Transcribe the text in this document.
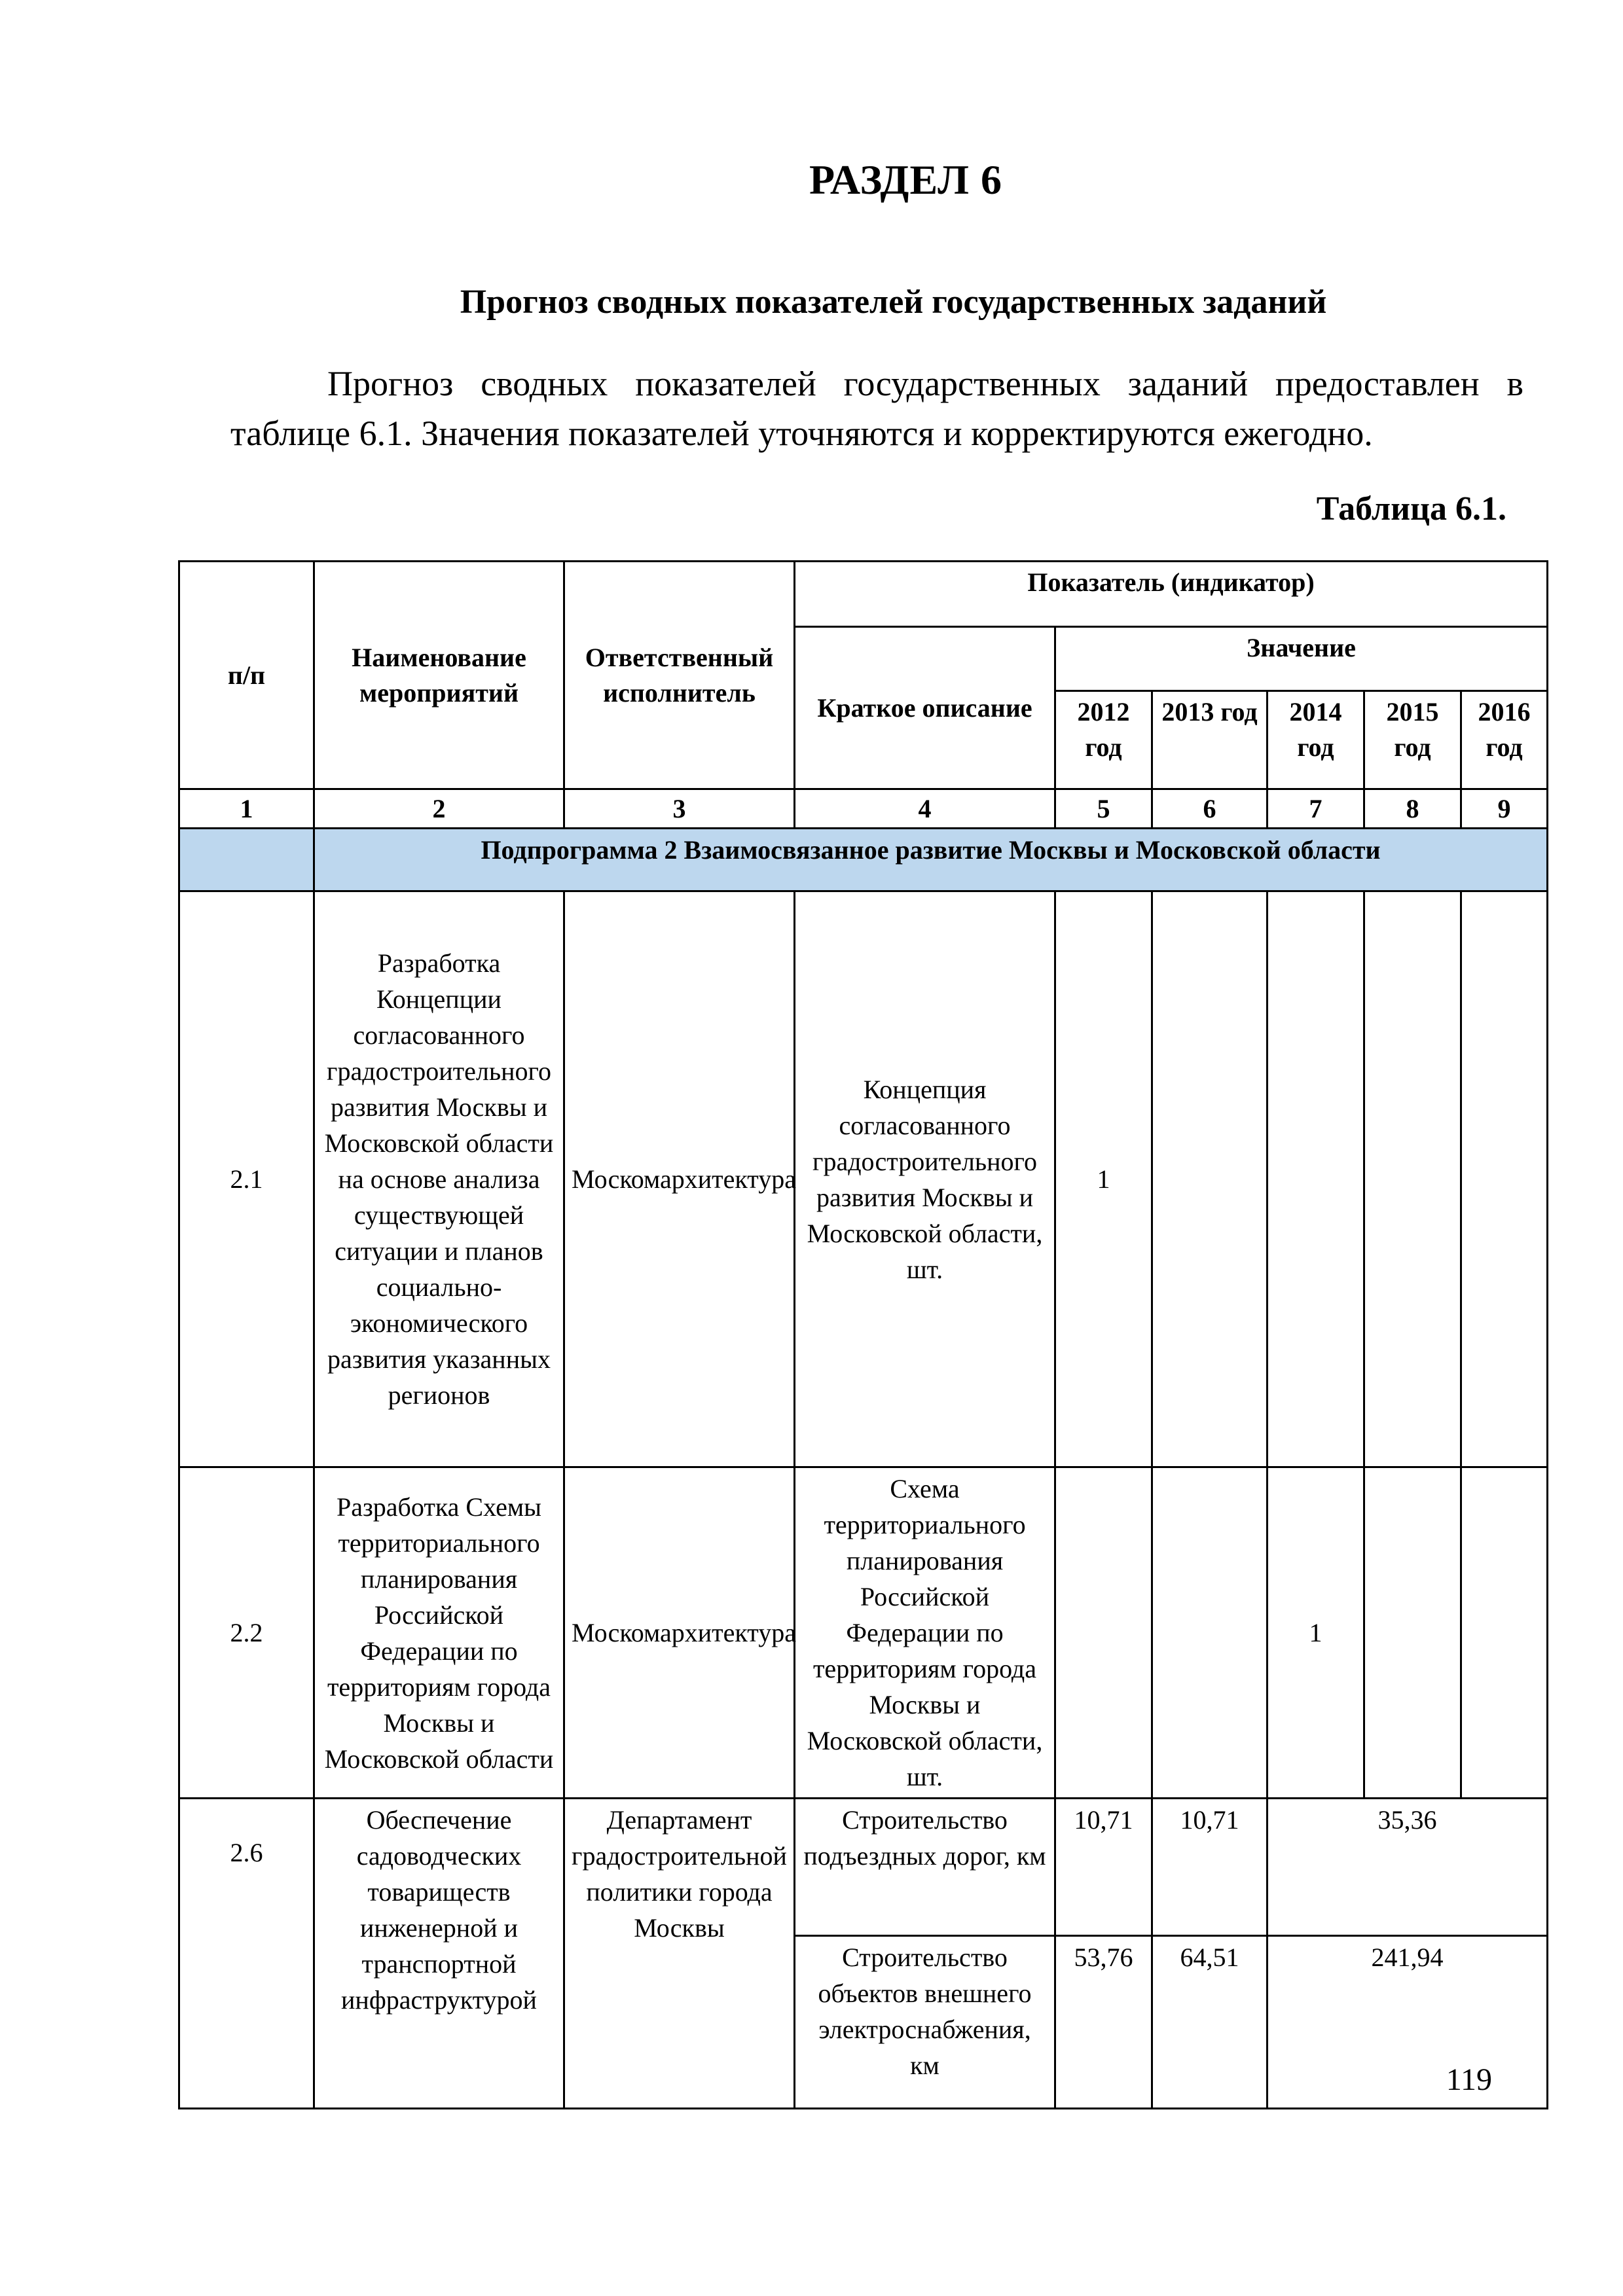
РАЗДЕЛ 6
Прогноз сводных показателей государственных заданий
Прогноз сводных показателей государственных заданий предоставлен в таблице 6.1. Значения показателей уточняются и корректируются ежегодно.
Таблица 6.1.
п/п	Наименование мероприятий	Ответственный исполнитель	Показатель (индикатор)					
			Краткое описание	Значение				
				2012 год	2013 год	2014 год	2015 год	2016 год
1	2	3	4	5	6	7	8	9
	Подпрограмма 2 Взаимосвязанное развитие Москвы и Московской области							
2.1	Разработка Концепции согласованного градостроительного развития Москвы и Московской области на основе анализа существующей ситуации и планов социально-экономического развития указанных регионов	Москомархитектура	Концепция согласованного градостроительного развития Москвы и Московской области, шт.	1				
2.2	Разработка Схемы территориального планирования Российской Федерации по территориям города Москвы и Московской области	Москомархитектура	Схема территориального планирования Российской Федерации по территориям города Москвы и Московской области, шт.			1		

2.6	Обеспечение садоводческих товариществ инженерной и транспортной инфраструктурой	Департамент градостроительной политики города Москвы	Строительство подъездных дорог, км	10,71	10,71	35,36		
			Строительство объектов внешнего электроснабжения, км	53,76	64,51	241,94		
119
